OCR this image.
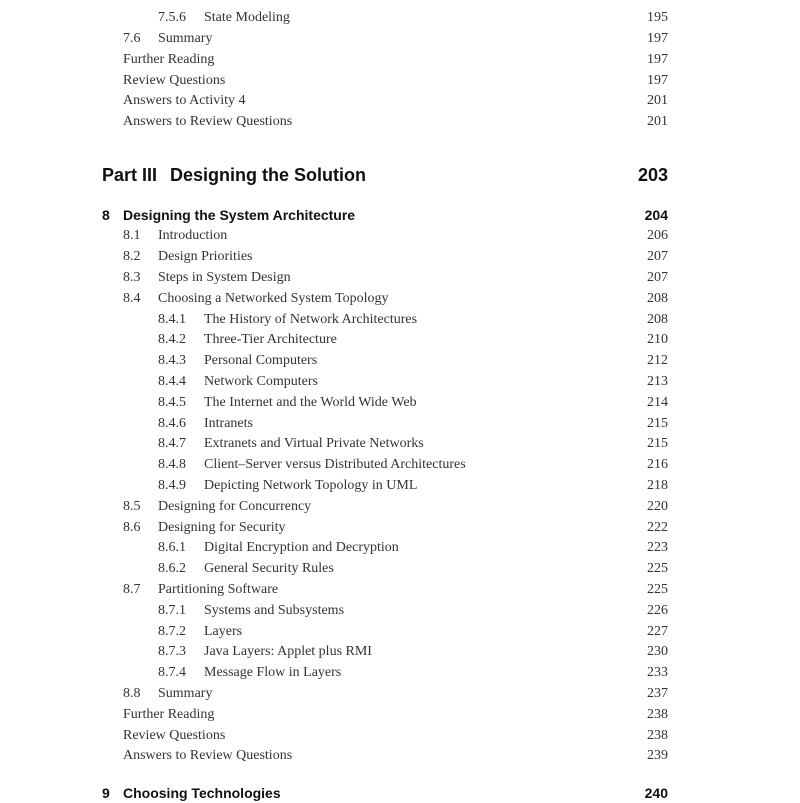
7.5.6 State Modeling	195
7.6 Summary	197
Further Reading	197
Review Questions	197
Answers to Activity 4	201
Answers to Review Questions	201
Part III Designing the Solution	203
8 Designing the System Architecture	204
8.1 Introduction	206
8.2 Design Priorities	207
8.3 Steps in System Design	207
8.4 Choosing a Networked System Topology	208
8.4.1 The History of Network Architectures	208
8.4.2 Three-Tier Architecture	210
8.4.3 Personal Computers	212
8.4.4 Network Computers	213
8.4.5 The Internet and the World Wide Web	214
8.4.6 Intranets	215
8.4.7 Extranets and Virtual Private Networks	215
8.4.8 Client–Server versus Distributed Architectures	216
8.4.9 Depicting Network Topology in UML	218
8.5 Designing for Concurrency	220
8.6 Designing for Security	222
8.6.1 Digital Encryption and Decryption	223
8.6.2 General Security Rules	225
8.7 Partitioning Software	225
8.7.1 Systems and Subsystems	226
8.7.2 Layers	227
8.7.3 Java Layers: Applet plus RMI	230
8.7.4 Message Flow in Layers	233
8.8 Summary	237
Further Reading	238
Review Questions	238
Answers to Review Questions	239
9 Choosing Technologies	240
